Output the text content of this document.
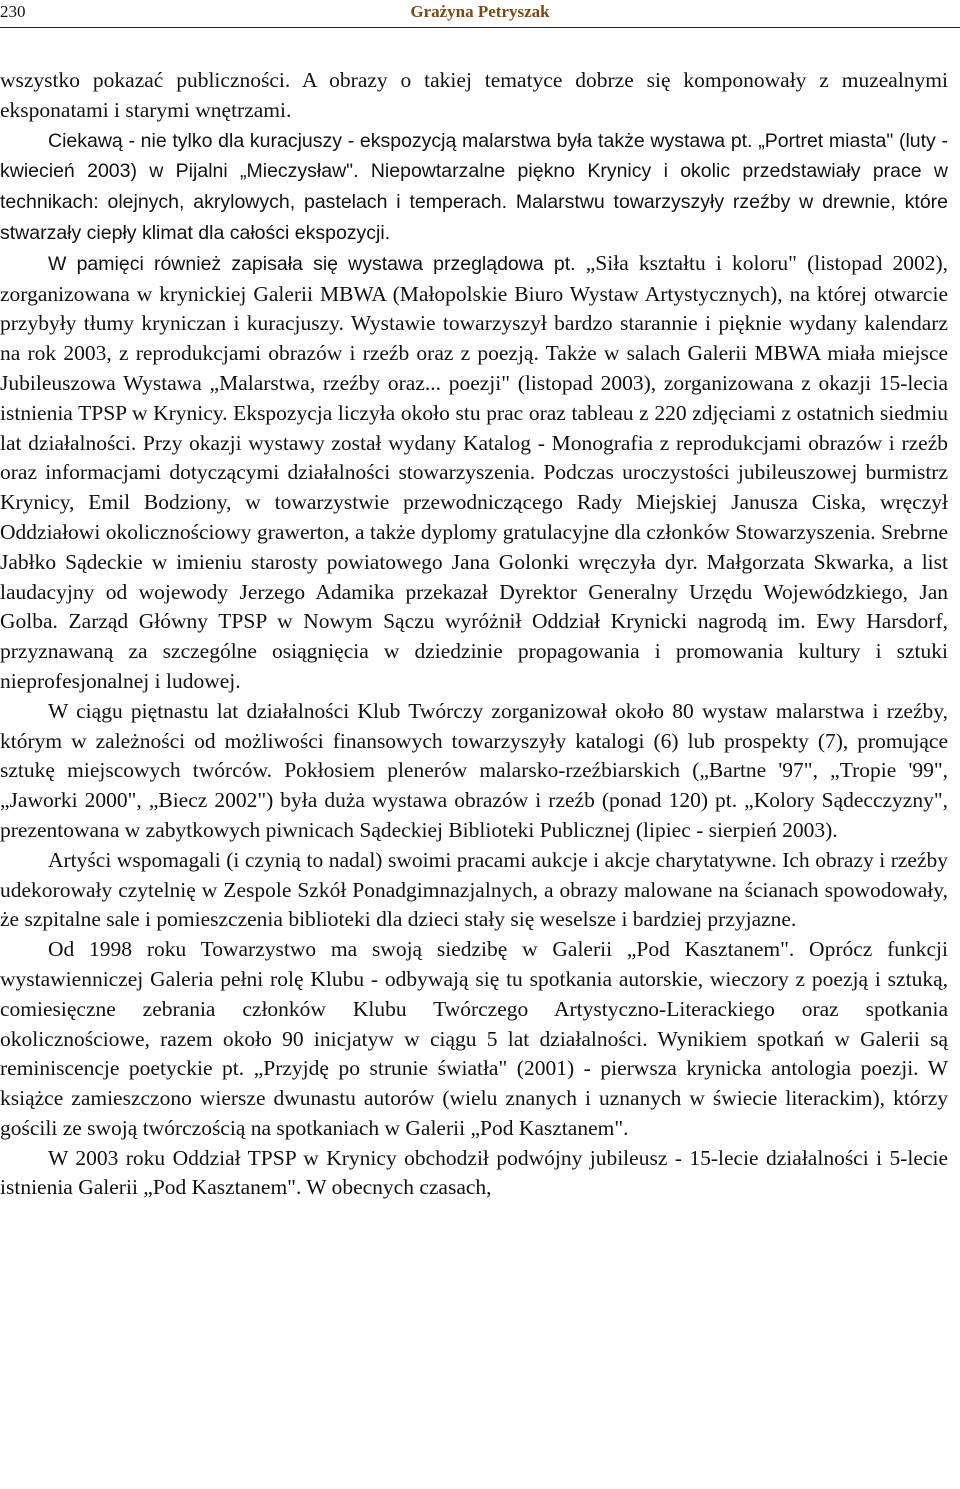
230	Grażyna Petryszak

wszystko pokazać publiczności. A obrazy o takiej tematyce dobrze się komponowały z muzealnymi eksponatami i starymi wnętrzami.

Ciekawą - nie tylko dla kuracjuszy - ekspozycją malarstwa była także wystawa pt. „Portret miasta" (luty - kwiecień 2003) w Pijalni „Mieczysław". Niepowtarzalne piękno Krynicy i okolic przedstawiały prace w technikach: olejnych, akrylowych, pastelach i temperach. Malarstwu towarzyszyły rzeźby w drewnie, które stwarzały ciepły klimat dla całości ekspozycji.

W pamięci również zapisała się wystawa przeglądowa pt. „Siła kształtu i koloru" (listopad 2002), zorganizowana w krynickiej Galerii MBWA (Małopolskie Biuro Wystaw Artystycznych), na której otwarcie przybyły tłumy kryniczan i kuracjuszy. Wystawie towarzyszył bardzo starannie i pięknie wydany kalendarz na rok 2003, z reprodukcjami obrazów i rzeźb oraz z poezją. Także w salach Galerii MBWA miała miejsce Jubileuszowa Wystawa „Malarstwa, rzeźby oraz... poezji" (listopad 2003), zorganizowana z okazji 15-lecia istnienia TPSP w Krynicy. Ekspozycja liczyła około stu prac oraz tableau z 220 zdjęciami z ostatnich siedmiu lat działalności. Przy okazji wystawy został wydany Katalog - Monografia z reprodukcjami obrazów i rzeźb oraz informacjami dotyczącymi działalności stowarzyszenia. Podczas uroczystości jubileuszowej burmistrz Krynicy, Emil Bodziony, w towarzystwie przewodniczącego Rady Miejskiej Janusza Ciska, wręczył Oddziałowi okolicznościowy grawerton, a także dyplomy gratulacyjne dla członków Stowarzyszenia. Srebrne Jabłko Sądeckie w imieniu starosty powiatowego Jana Golonki wręczyła dyr. Małgorzata Skwarka, a list laudacyjny od wojewody Jerzego Adamika przekazał Dyrektor Generalny Urzędu Wojewódzkiego, Jan Golba. Zarząd Główny TPSP w Nowym Sączu wyróżnił Oddział Krynicki nagrodą im. Ewy Harsdorf, przyznawaną za szczególne osiągnięcia w dziedzinie propagowania i promowania kultury i sztuki nieprofesjonalnej i ludowej.

W ciągu piętnastu lat działalności Klub Twórczy zorganizował około 80 wystaw malarstwa i rzeźby, którym w zależności od możliwości finansowych towarzyszyły katalogi (6) lub prospekty (7), promujące sztukę miejscowych twórców. Pokłosiem plenerów malarsko-rzeźbiarskich („Bartne '97", „Tropie '99", „Jaworki 2000", „Biecz 2002") była duża wystawa obrazów i rzeźb (ponad 120) pt. „Kolory Sądecczyzny", prezentowana w zabytkowych piwnicach Sądeckiej Biblioteki Publicznej (lipiec - sierpień 2003).

Artyści wspomagali (i czynią to nadal) swoimi pracami aukcje i akcje charytatywne. Ich obrazy i rzeźby udekorowały czytelnię w Zespole Szkół Ponadgimnazjalnych, a obrazy malowane na ścianach spowodowały, że szpitalne sale i pomieszczenia biblioteki dla dzieci stały się weselsze i bardziej przyjazne.

Od 1998 roku Towarzystwo ma swoją siedzibę w Galerii „Pod Kasztanem". Oprócz funkcji wystawienniczej Galeria pełni rolę Klubu - odbywają się tu spotkania autorskie, wieczory z poezją i sztuką, comiesięczne zebrania członków Klubu Twórczego Artystyczno-Literackiego oraz spotkania okolicznościowe, razem około 90 inicjatyw w ciągu 5 lat działalności. Wynikiem spotkań w Galerii są reminiscencje poetyckie pt. „Przyjdę po strunie światła" (2001) - pierwsza krynicka antologia poezji. W książce zamieszczono wiersze dwunastu autorów (wielu znanych i uznanych w świecie literackim), którzy gościli ze swoją twórczością na spotkaniach w Galerii „Pod Kasztanem".

W 2003 roku Oddział TPSP w Krynicy obchodził podwójny jubileusz - 15-lecie działalności i 5-lecie istnienia Galerii „Pod Kasztanem". W obecnych czasach,
